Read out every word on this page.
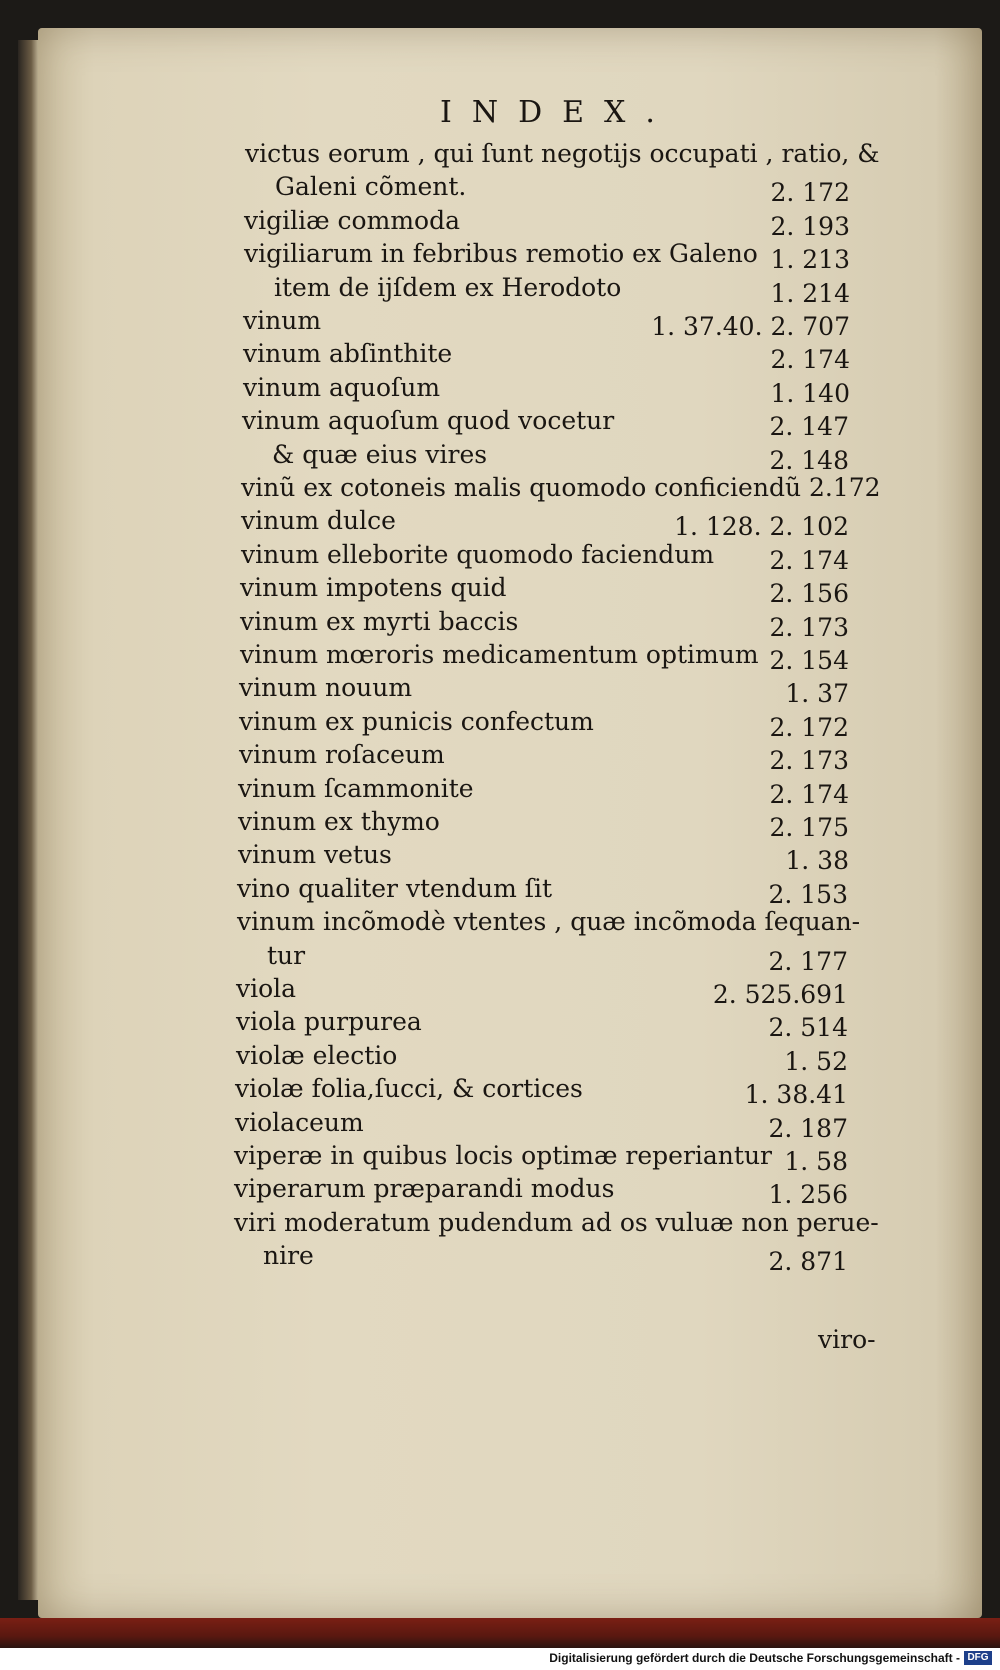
INDEX.
victus eorum , qui ſunt negotijs occupati , ratio, &
Galeni cõment.	2. 172
vigiliæ commoda	2. 193
vigiliarum in febribus remotio ex Galeno 1. 213
item de ijſdem ex Herodoto	1. 214
vinum	1. 37.40. 2. 707
vinum abſinthite	2. 174
vinum aquoſum	1. 140
vinum aquoſum quod vocetur	2. 147
& quæ eius vires	2. 148
vinũ ex cotoneis malis quomodo conficiendũ 2.172
vinum dulce	1. 128. 2. 102
vinum elleborite quomodo faciendum 2. 174
vinum impotens quid	2. 156
vinum ex myrti baccis	2. 173
vinum mœroris medicamentum optimum 2. 154
vinum nouum	1. 37
vinum ex punicis confectum	2. 172
vinum roſaceum	2. 173
vinum ſcammonite	2. 174
vinum ex thymo	2. 175
vinum vetus	1. 38
vino qualiter vtendum ſit	2. 153
vinum incõmodè vtentes , quæ incõmoda ſequan-
tur	2. 177
viola	2. 525.691
viola purpurea	2. 514
violæ electio	1. 52
violæ folia,ſucci, & cortices	1. 38.41
violaceum	2. 187
viperæ in quibus locis optimæ reperiantur 1. 58
viperarum præparandi modus	1. 256
viri moderatum pudendum ad os vuluæ non perue-
nire	2. 871
viro-
Digitalisierung gefördert durch die Deutsche Forschungsgemeinschaft - DFG
